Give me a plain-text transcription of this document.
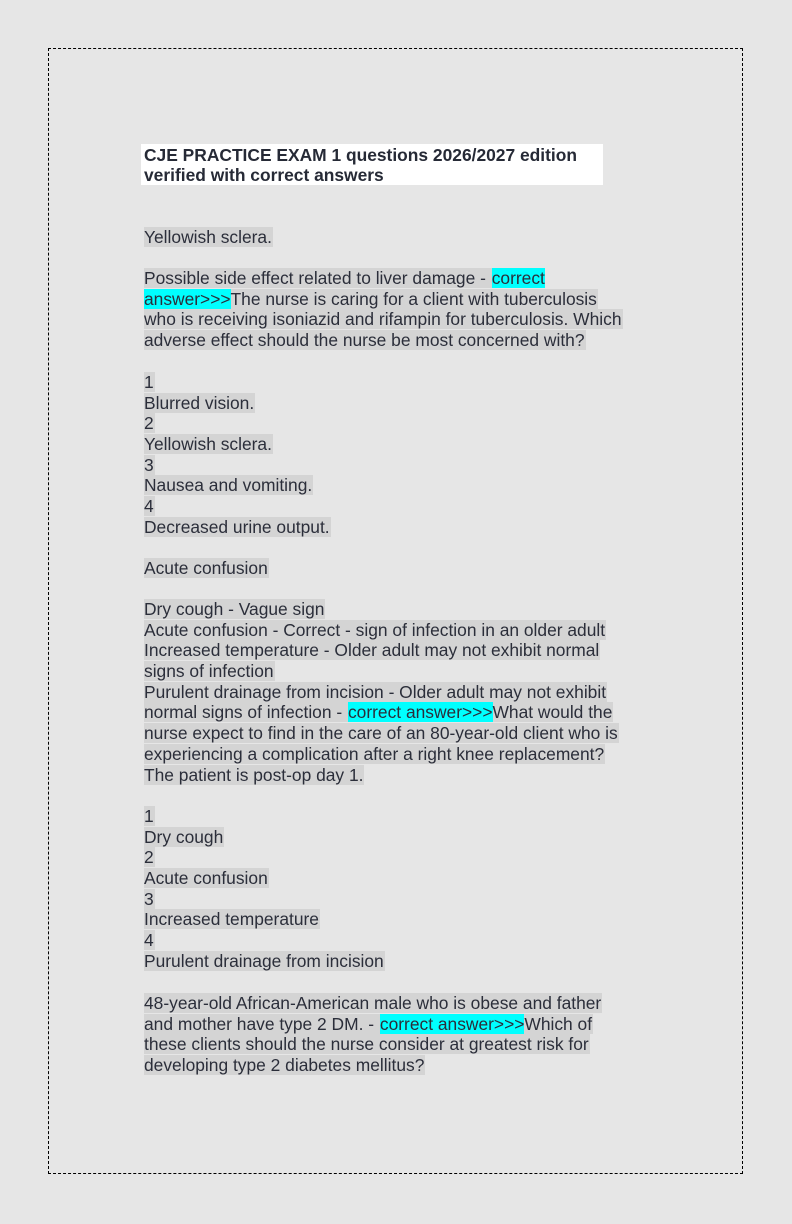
CJE PRACTICE EXAM 1 questions 2026/2027 edition
verified with correct answers
Yellowish sclera.
Possible side effect related to liver damage - correct
answer>>>The nurse is caring for a client with tuberculosis
who is receiving isoniazid and rifampin for tuberculosis. Which
adverse effect should the nurse be most concerned with?
1
Blurred vision.
2
Yellowish sclera.
3
Nausea and vomiting.
4
Decreased urine output.
Acute confusion
Dry cough - Vague sign
Acute confusion - Correct - sign of infection in an older adult
Increased temperature - Older adult may not exhibit normal
signs of infection
Purulent drainage from incision - Older adult may not exhibit
normal signs of infection - correct answer>>>What would the
nurse expect to find in the care of an 80-year-old client who is
experiencing a complication after a right knee replacement?
The patient is post-op day 1.
1
Dry cough
2
Acute confusion
3
Increased temperature
4
Purulent drainage from incision
48-year-old African-American male who is obese and father
and mother have type 2 DM. - correct answer>>>Which of
these clients should the nurse consider at greatest risk for
developing type 2 diabetes mellitus?
